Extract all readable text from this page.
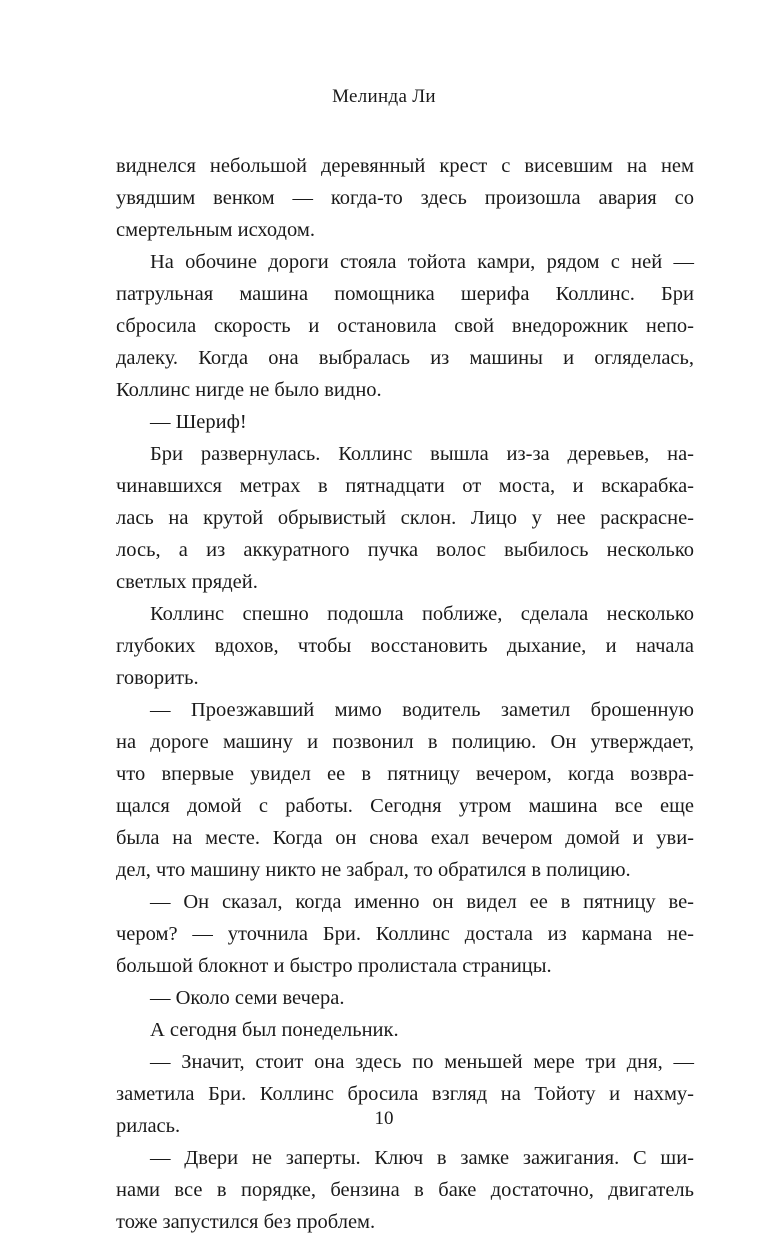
Мелинда Ли
виднелся небольшой деревянный крест с висевшим на нем
увядшим венком — когда-то здесь произошла авария со
смертельным исходом.
На обочине дороги стояла тойота камри, рядом с ней —
патрульная машина помощника шерифа Коллинс. Бри
сбросила скорость и остановила свой внедорожник непо-
далеку. Когда она выбралась из машины и огляделась,
Коллинс нигде не было видно.
— Шериф!
Бри развернулась. Коллинс вышла из-за деревьев, на-
чинавшихся метрах в пятнадцати от моста, и вскарабка-
лась на крутой обрывистый склон. Лицо у нее раскрасне-
лось, а из аккуратного пучка волос выбилось несколько
светлых прядей.
Коллинс спешно подошла поближе, сделала несколько
глубоких вдохов, чтобы восстановить дыхание, и начала
говорить.
— Проезжавший мимо водитель заметил брошенную
на дороге машину и позвонил в полицию. Он утверждает,
что впервые увидел ее в пятницу вечером, когда возвра-
щался домой с работы. Сегодня утром машина все еще
была на месте. Когда он снова ехал вечером домой и уви-
дел, что машину никто не забрал, то обратился в полицию.
— Он сказал, когда именно он видел ее в пятницу ве-
чером? — уточнила Бри. Коллинс достала из кармана не-
большой блокнот и быстро пролистала страницы.
— Около семи вечера.
А сегодня был понедельник.
— Значит, стоит она здесь по меньшей мере три дня, —
заметила Бри. Коллинс бросила взгляд на Тойоту и нахму-
рилась.
— Двери не заперты. Ключ в замке зажигания. С ши-
нами все в порядке, бензина в баке достаточно, двигатель
тоже запустился без проблем.
10
